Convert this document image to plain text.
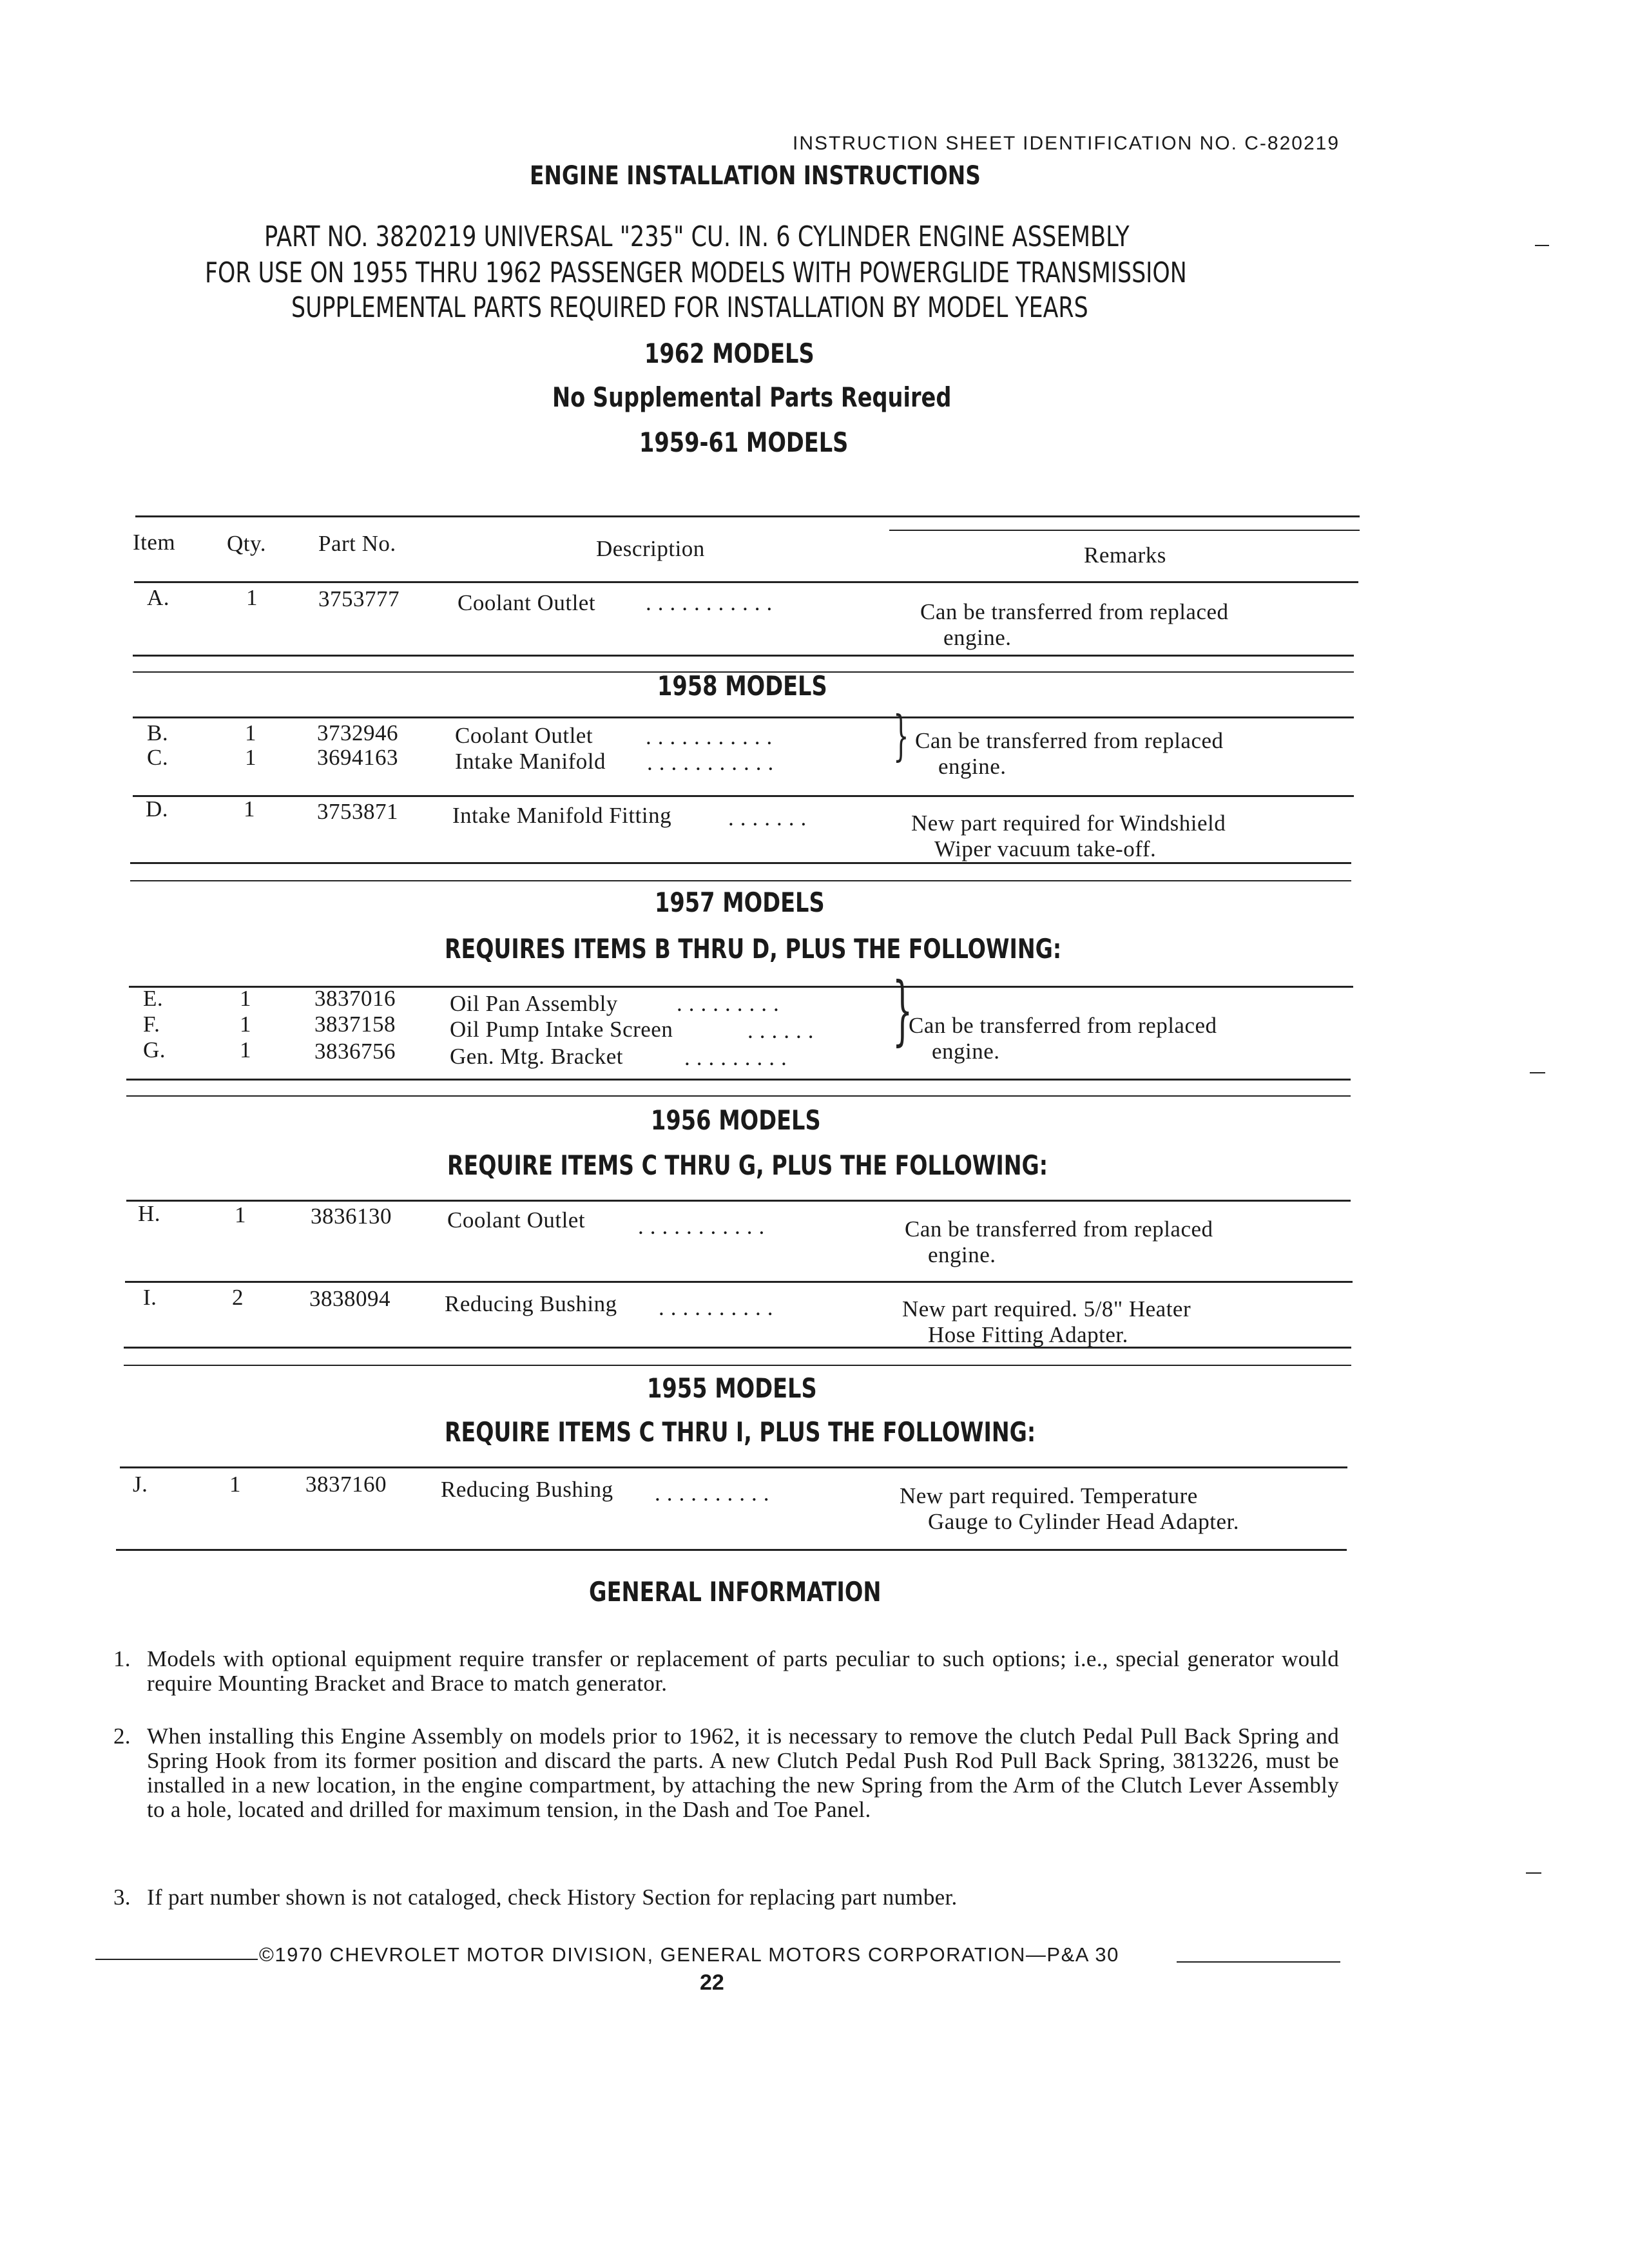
INSTRUCTION SHEET IDENTIFICATION NO. C-820219
ENGINE INSTALLATION INSTRUCTIONS
PART NO. 3820219 UNIVERSAL "235" CU. IN. 6 CYLINDER ENGINE ASSEMBLY
FOR USE ON 1955 THRU 1962 PASSENGER MODELS WITH POWERGLIDE TRANSMISSION
SUPPLEMENTAL PARTS REQUIRED FOR INSTALLATION BY MODEL YEARS
1962 MODELS
No Supplemental Parts Required
1959-61 MODELS
Item Qty. Part No.	Description	Remarks
A.	1	3753777	Coolant Outlet ...........	Can be transferred from replaced
engine.
1958 MODELS
B.	1	3732946	Coolant Outlet ...........
C.	1	3694163	Intake Manifold ...........
Can be transferred from replaced
engine.
}
D.	1	3753871 Intake Manifold Fitting	.......	New part required for Windshield
Wiper vacuum take-off.
1957 MODELS
REQUIRES ITEMS B THRU D, PLUS THE FOLLOWING:
E.	1	3837016 Oil Pan Assembly	.........
F.	1	3837158 Oil Pump Intake Screen	......	Can be transferred from replaced
engine.
G.	1	3836756 Gen. Mtg. Bracket	.........
}
1956 MODELS
REQUIRE ITEMS C THRU G, PLUS THE FOLLOWING:
H.	1	3836130 Coolant Outlet ...........	Can be transferred from replaced
engine.
I.	2	3838094 Reducing Bushing ..........	New part required. 5/8" Heater
Hose Fitting Adapter.
1955 MODELS
REQUIRE ITEMS C THRU I, PLUS THE FOLLOWING:
J.	1	3837160 Reducing Bushing ..........	New part required. Temperature
Gauge to Cylinder Head Adapter.
GENERAL INFORMATION
1. Models with optional equipment require transfer or replacement of parts peculiar to such options; i.e., special generator would require Mounting Bracket and Brace to match generator.
2. When installing this Engine Assembly on models prior to 1962, it is necessary to remove the clutch Pedal Pull Back Spring and Spring Hook from its former position and discard the parts. A new Clutch Pedal Push Rod Pull Back Spring, 3813226, must be installed in a new location, in the engine compartment, by attaching the new Spring from the Arm of the Clutch Lever Assembly to a hole, located and drilled for maximum tension, in the Dash and Toe Panel.
3. If part number shown is not cataloged, check History Section for replacing part number.
©1970 CHEVROLET MOTOR DIVISION, GENERAL MOTORS CORPORATION—P&A 30
22
